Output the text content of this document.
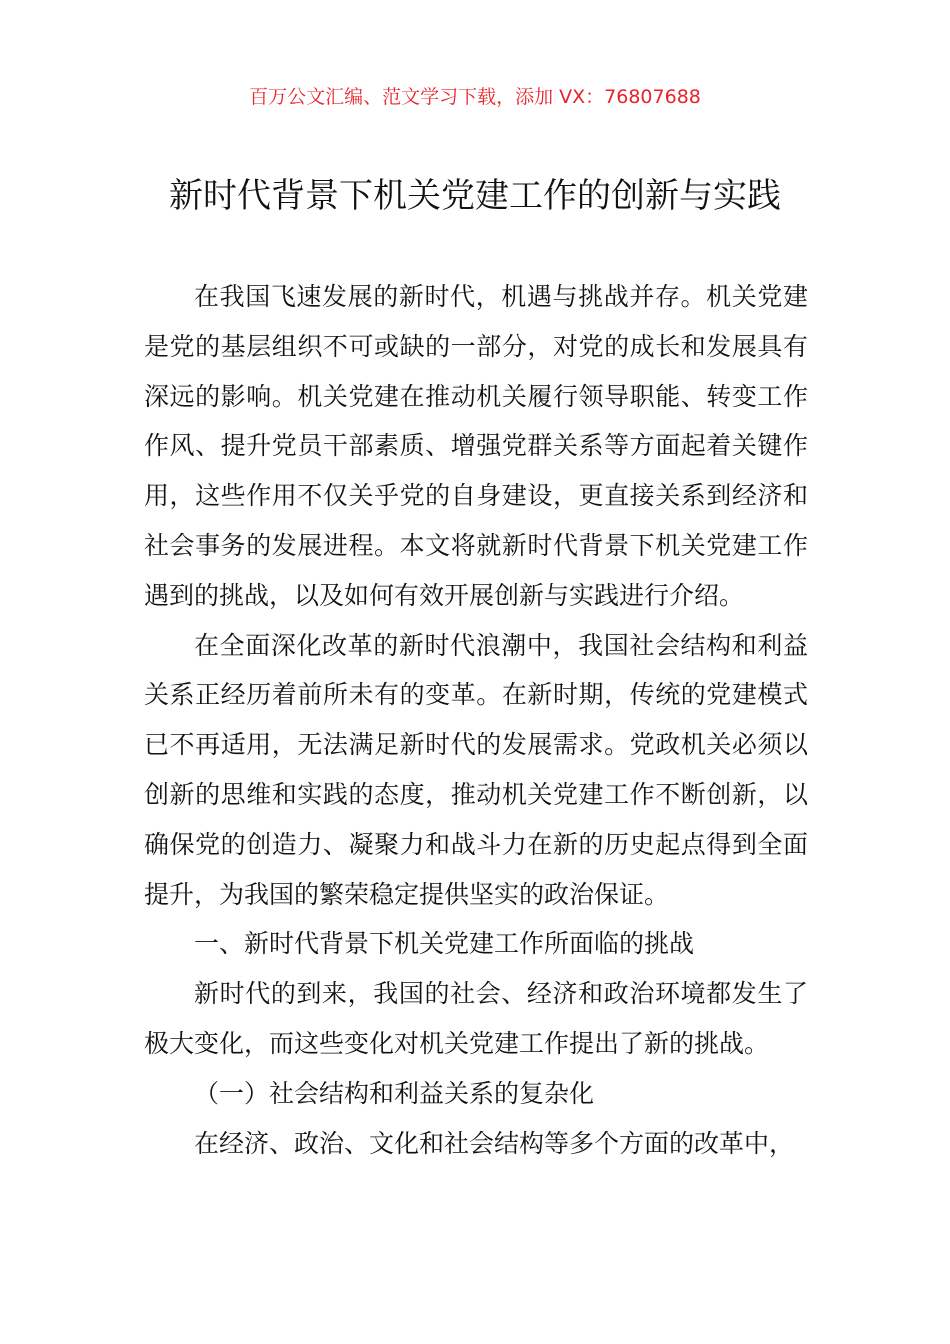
百万公文汇编、范文学习下载，添加 VX：76807688
新时代背景下机关党建工作的创新与实践

在我国飞速发展的新时代，机遇与挑战并存。机关党建是党的基层组织不可或缺的一部分，对党的成长和发展具有深远的影响。机关党建在推动机关履行领导职能、转变工作作风、提升党员干部素质、增强党群关系等方面起着关键作用，这些作用不仅关乎党的自身建设，更直接关系到经济和社会事务的发展进程。本文将就新时代背景下机关党建工作遇到的挑战，以及如何有效开展创新与实践进行介绍。

在全面深化改革的新时代浪潮中，我国社会结构和利益关系正经历着前所未有的变革。在新时期，传统的党建模式已不再适用，无法满足新时代的发展需求。党政机关必须以创新的思维和实践的态度，推动机关党建工作不断创新，以确保党的创造力、凝聚力和战斗力在新的历史起点得到全面提升，为我国的繁荣稳定提供坚实的政治保证。

一、新时代背景下机关党建工作所面临的挑战

新时代的到来，我国的社会、经济和政治环境都发生了极大变化，而这些变化对机关党建工作提出了新的挑战。

（一）社会结构和利益关系的复杂化

在经济、政治、文化和社会结构等多个方面的改革中，
